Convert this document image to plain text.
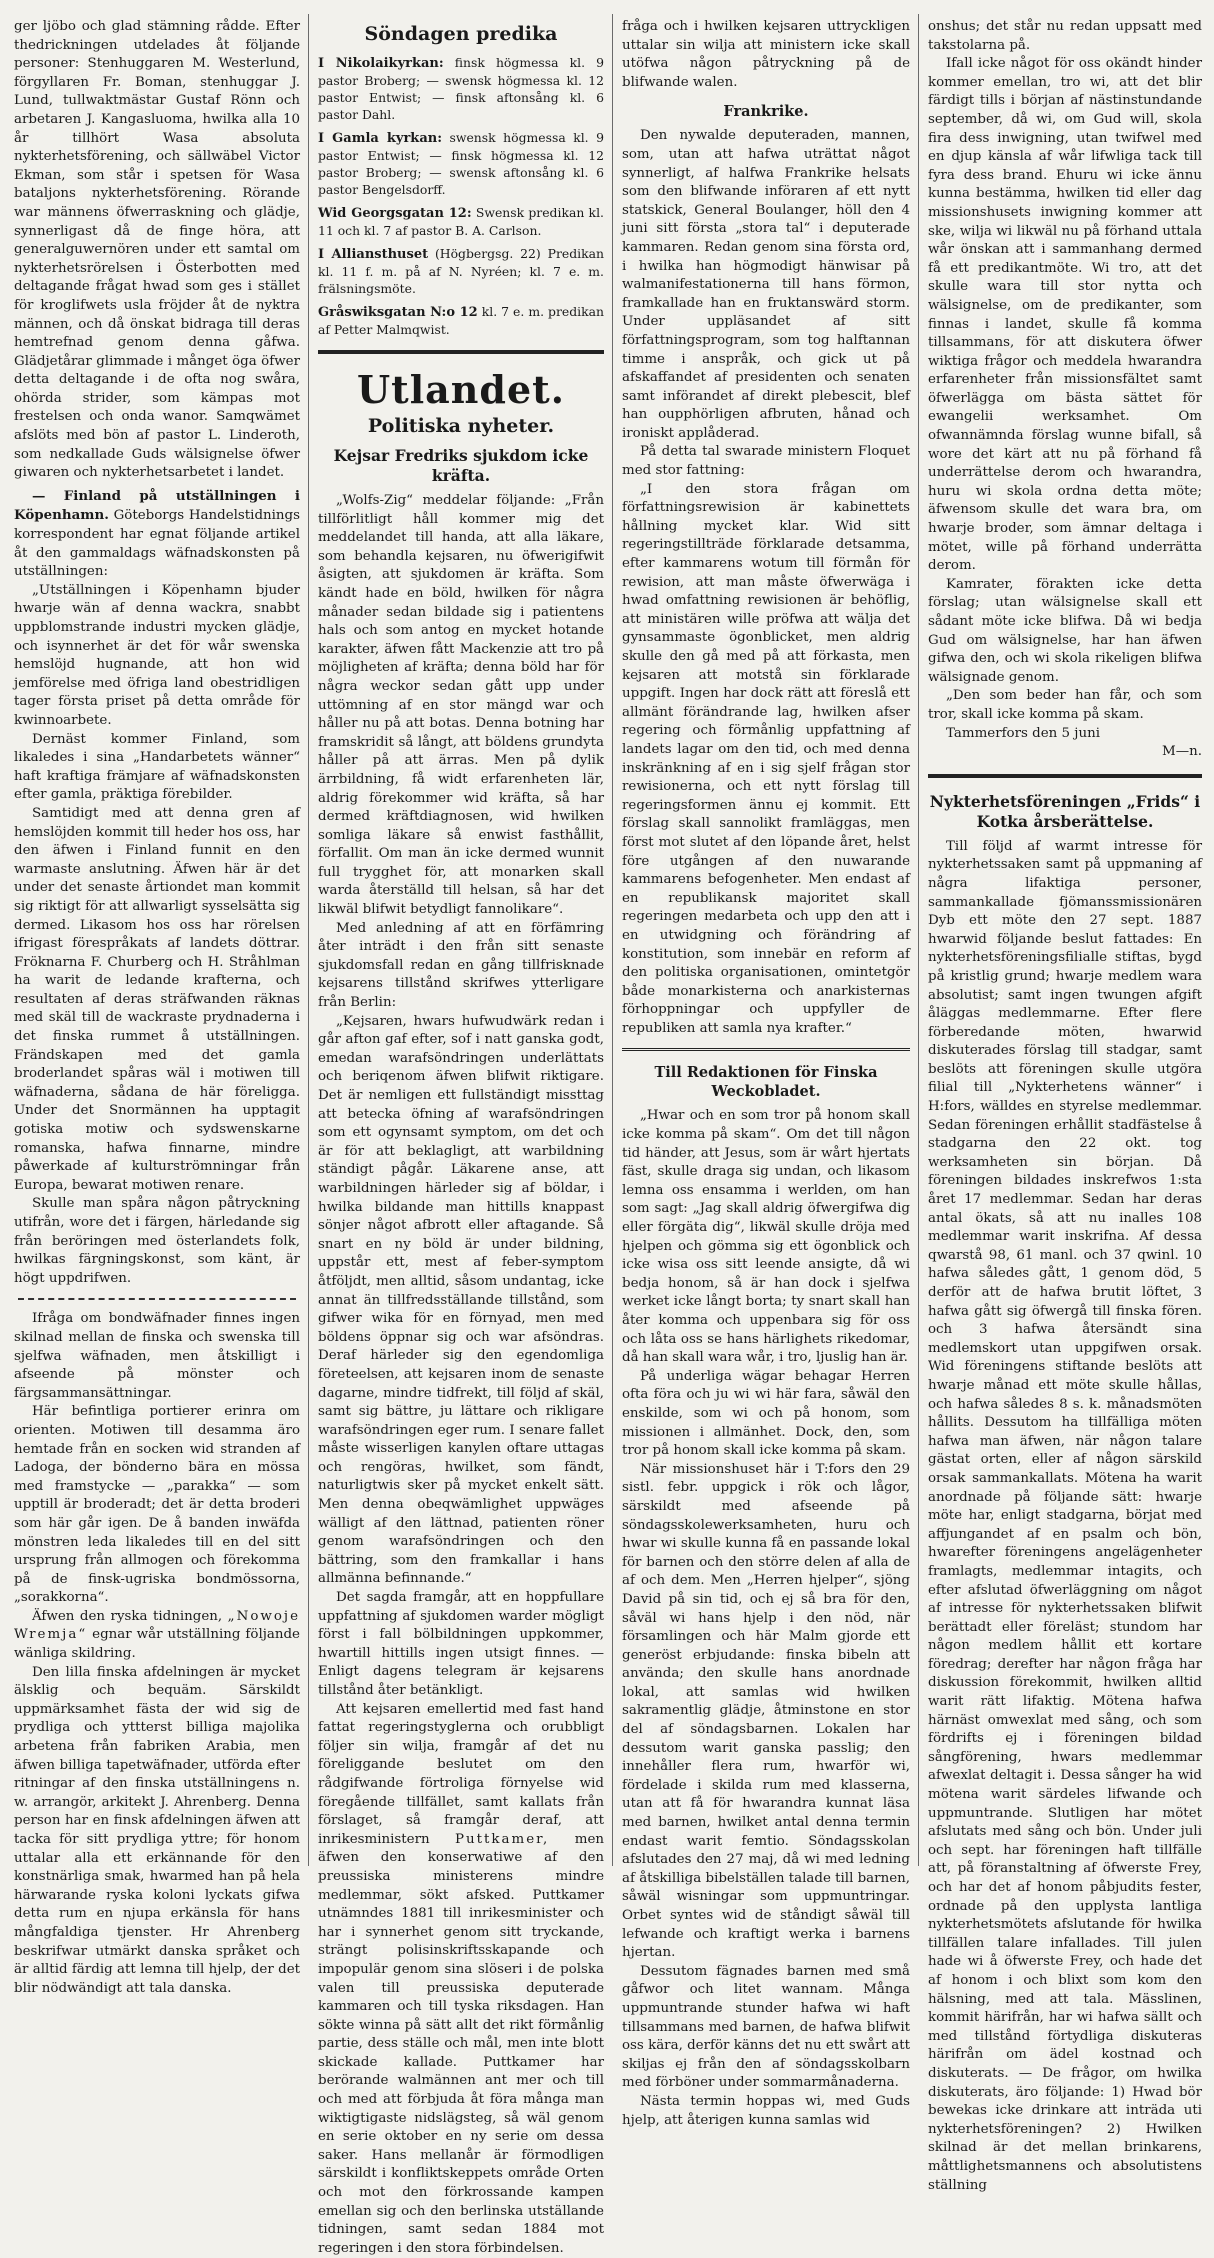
ger ljöbo och glad stämning rådde. Efter thedrickningen utdelades åt följande personer: Stenhuggaren M. Westerlund, förgyllaren Fr. Boman, stenhuggar J. Lund, tullwaktmästar Gustaf Rönn och arbetaren J. Kangasluoma, hwilka alla 10 år tillhört Wasa absoluta nykterhetsförening, och sällwäbel Victor Ekman, som står i spetsen för Wasa bataljons nykterhetsförening. Rörande war männens öfwerraskning och glädje, synnerligast då de finge höra, att generalguwernören under ett samtal om nykterhetsrörelsen i Österbotten med deltagande frågat hwad som ges i stället för kroglifwets usla fröjder åt de nyktra männen, och då önskat bidraga till deras hemtrefnad genom denna gåfwa. Glädjetårar glimmade i månget öga öfwer detta deltagande i de ofta nog swåra, ohörda strider, som kämpas mot frestelsen och onda wanor. Samqwämet afslöts med bön af pastor L. Linderoth, som nedkallade Guds wälsignelse öfwer giwaren och nykterhetsarbetet i landet.

— Finland på utställningen i Köpenhamn. Göteborgs Handelstidnings korrespondent har egnat följande artikel åt den gammaldags wäfnadskonsten på utställningen:

„Utställningen i Köpenhamn bjuder hwarje wän af denna wackra, snabbt uppblomstrande industri mycken glädje, och isynnerhet är det för wår swenska hemslöjd hugnande, att hon wid jemförelse med öfriga land obestridligen tager första priset på detta område för kwinnoarbete.

Dernäst kommer Finland, som likaledes i sina „Handarbetets wänner“ haft kraftiga främjare af wäfnadskonsten efter gamla, präktiga förebilder.

Samtidigt med att denna gren af hemslöjden kommit till heder hos oss, har den äfwen i Finland funnit en den warmaste anslutning. Äfwen här är det under det senaste årtiondet man kommit sig riktigt för att allwarligt sysselsätta sig dermed. Likasom hos oss har rörelsen ifrigast förespråkats af landets döttrar. Fröknarna F. Churberg och H. Stråhlman ha warit de ledande krafterna, och resultaten af deras sträfwanden räknas med skäl till de wackraste prydnaderna i det finska rummet å utställningen. Frändskapen med det gamla broderlandet spåras wäl i motiwen till wäfnaderna, sådana de här föreligga. Under det Snormännen ha upptagit gotiska motiw och sydswenskarne romanska, hafwa finnarne, mindre påwerkade af kulturströmningar från Europa, bewarat motiwen renare.

Skulle man spåra någon påtryckning utifrån, wore det i färgen, härledande sig från beröringen med österlandets folk, hwilkas färgningskonst, som känt, är högt uppdrifwen.

Ifråga om bondwäfnader finnes ingen skilnad mellan de finska och swenska till sjelfwa wäfnaden, men åtskilligt i afseende på mönster och färgsammansättningar.

Här befintliga portierer erinra om orienten. Motiwen till desamma äro hemtade från en socken wid stranden af Ladoga, der bönderno bära en mössa med framstycke — „parakka“ — som upptill är broderadt; det är detta broderi som här går igen. De å banden inwäfda mönstren leda likaledes till en del sitt ursprung från allmogen och förekomma på de finsk-ugriska bondmössorna, „sorakkorna“.

Äfwen den ryska tidningen, „Nowoje Wremja“ egnar wår utställning följande wänliga skildring.

Den lilla finska afdelningen är mycket älsklig och bequäm. Särskildt uppmärksamhet fästa der wid sig de prydliga och yttterst billiga majolika arbetena från fabriken Arabia, men äfwen billiga tapetwäfnader, utförda efter ritningar af den finska utställningens n. w. arrangör, arkitekt J. Ahrenberg. Denna person har en finsk afdelningen äfwen att tacka för sitt prydliga yttre; för honom uttalar alla ett erkännande för den konstnärliga smak, hwarmed han på hela härwarande ryska koloni lyckats gifwa detta rum en njupa erkänsla för hans mångfaldiga tjenster. Hr Ahrenberg beskrifwar utmärkt danska språket och är alltid färdig att lemna till hjelp, der det blir nödwändigt att tala danska.

Söndagen predika

I Nikolaikyrkan: finsk högmessa kl. 9 pastor Broberg; — swensk högmessa kl. 12 pastor Entwist; — finsk aftonsång kl. 6 pastor Dahl.

I Gamla kyrkan: swensk högmessa kl. 9 pastor Entwist; — finsk högmessa kl. 12 pastor Broberg; — swensk aftonsång kl. 6 pastor Bengelsdorff.

Wid Georgsgatan 12: Swensk predikan kl. 11 och kl. 7 af pastor B. A. Carlson.

I Alliansthuset (Högbergsg. 22) Predikan kl. 11 f. m. på af N. Nyréen; kl. 7 e. m. frälsningsmöte.

Gråswiksgatan N:o 12 kl. 7 e. m. predikan af Petter Malmqwist.

Utlandet.
Politiska nyheter.
Kejsar Fredriks sjukdom icke kräfta.

„Wolfs-Zig“ meddelar följande: „Från tillförlitligt håll kommer mig det meddelandet till handa, att alla läkare, som behandla kejsaren, nu öfwerigifwit åsigten, att sjukdomen är kräfta. Som kändt hade en böld, hwilken för några månader sedan bildade sig i patientens hals och som antog en mycket hotande karakter, äfwen fått Mackenzie att tro på möjligheten af kräfta; denna böld har för några weckor sedan gått upp under uttömning af en stor mängd war och håller nu på att botas. Denna botning har framskridit så långt, att böldens grundyta håller på att ärras. Men på dylik ärrbildning, få widt erfarenheten lär, aldrig förekommer wid kräfta, så har dermed kräftdiagnosen, wid hwilken somliga läkare så enwist fasthållit, förfallit. Om man än icke dermed wunnit full trygghet för, att monarken skall warda återställd till helsan, så har det likwäl blifwit betydligt fannolikare“.

Med anledning af att en förfämring åter inträdt i den från sitt senaste sjukdomsfall redan en gång tillfrisknade kejsarens tillstånd skrifwes ytterligare från Berlin:

„Kejsaren, hwars hufwudwärk redan i går afton gaf efter, sof i natt ganska godt, emedan warafsöndringen underlättats och beriqenom äfwen blifwit riktigare. Det är nemligen ett fullständigt missttag att betecka öfning af warafsöndringen som ett ogynsamt symptom, om det och är för att beklagligt, att warbildning ständigt pågår. Läkarene anse, att warbildningen härleder sig af böldar, i hwilka bildande man hittills knappast sönjer något afbrott eller aftagande. Så snart en ny böld är under bildning, uppstår ett, mest af feber-symptom åtföljdt, men alltid, såsom undantag, icke annat än tillfredsställande tillstånd, som gifwer wika för en förnyad, men med böldens öppnar sig och war afsöndras. Deraf härleder sig den egendomliga företeelsen, att kejsaren inom de senaste dagarne, mindre tidfrekt, till följd af skäl, samt sig bättre, ju lättare och rikligare warafsöndringen eger rum. I senare fallet måste wisserligen kanylen oftare uttagas och rengöras, hwilket, som fändt, naturligtwis sker på mycket enkelt sätt. Men denna obeqwämlighet uppwäges wälligt af den lättnad, patienten röner genom warafsöndringen och den bättring, som den framkallar i hans allmänna befinnande.“

Det sagda framgår, att en hoppfullare uppfattning af sjukdomen warder mögligt först i fall bölbildningen uppkommer, hwartill hittills ingen utsigt finnes. — Enligt dagens telegram är kejsarens tillstånd åter betänkligt.

Att kejsaren emellertid med fast hand fattat regeringstyglerna och orubbligt följer sin wilja, framgår af det nu föreliggande beslutet om den rådgifwande förtroliga förnyelse wid föregående tillfället, samt kallats från förslaget, så framgår deraf, att inrikesministern Puttkamer, men äfwen den konserwatiwe af den preussiska ministerens mindre medlemmar, sökt afsked. Puttkamer utnämndes 1881 till inrikesminister och har i synnerhet genom sitt tryckande, strängt polisinskriftsskapande och impopulär genom sina slöseri i de polska valen till preussiska deputerade kammaren och till tyska riksdagen. Han sökte winna på sätt allt det rikt förmånlig partie, dess ställe och mål, men inte blott skickade kallade. Puttkamer har berörande walmännen ant mer och till och med att förbjuda åt föra många man wiktigtigaste nidslägsteg, så wäl genom en serie oktober en ny serie om dessa saker. Hans mellanår är förmodligen särskildt i konfliktskeppets område Orten och mot den förkrossande kampen emellan sig och den berlinska utställande tidningen, samt sedan 1884 mot regeringen i den stora förbindelsen.

fråga och i hwilken kejsaren uttryckligen uttalar sin wilja att ministern icke skall utöfwa någon påtryckning på de blifwande walen.

Frankrike.

Den nywalde deputeraden, mannen, som, utan att hafwa uträttat något synnerligt, af halfwa Frankrike helsats som den blifwande införaren af ett nytt statskick, General Boulanger, höll den 4 juni sitt första „stora tal“ i deputerade kammaren. Redan genom sina första ord, i hwilka han högmodigt hänwisar på walmanifestationerna till hans förmon, framkallade han en fruktanswärd storm. Under uppläsandet af sitt författningsprogram, som tog halftannan timme i anspråk, och gick ut på afskaffandet af presidenten och senaten samt införandet af direkt plebescit, blef han oupphörligen afbruten, hånad och ironiskt applåderad.

På detta tal swarade ministern Floquet med stor fattning:

„I den stora frågan om författningsrewision är kabinettets hållning mycket klar. Wid sitt regeringstillträde förklarade detsamma, efter kammarens wotum till förmån för rewision, att man måste öfwerwäga i hwad omfattning rewisionen är behöflig, att ministären wille pröfwa att wälja det gynsammaste ögonblicket, men aldrig skulle den gå med på att förkasta, men kejsaren att motstå sin förklarade uppgift. Ingen har dock rätt att föreslå ett allmänt förändrande lag, hwilken afser regering och förmånlig uppfattning af landets lagar om den tid, och med denna inskränkning af en i sig sjelf frågan stor rewisionerna, och ett nytt förslag till regeringsformen ännu ej kommit. Ett förslag skall sannolikt framläggas, men först mot slutet af den löpande året, helst före utgången af den nuwarande kammarens befogenheter. Men endast af en republikansk majoritet skall regeringen medarbeta och upp den att i en utwidgning och förändring af konstitution, som innebär en reform af den politiska organisationen, omintetgör både monarkisterna och anarkisternas förhoppningar och uppfyller de republiken att samla nya krafter.“

Till Redaktionen för Finska Weckobladet.

„Hwar och en som tror på honom skall icke komma på skam“. Om det till någon tid händer, att Jesus, som är wårt hjertats fäst, skulle draga sig undan, och likasom lemna oss ensamma i werlden, om han som sagt: „Jag skall aldrig öfwergifwa dig eller förgäta dig“, likwäl skulle dröja med hjelpen och gömma sig ett ögonblick och icke wisa oss sitt leende ansigte, då wi bedja honom, så är han dock i sjelfwa werket icke långt borta; ty snart skall han åter komma och uppenbara sig för oss och låta oss se hans härlighets rikedomar, då han skall wara wår, i tro, ljuslig han är.

På underliga wägar behagar Herren ofta föra och ju wi wi här fara, såwäl den enskilde, som wi och på honom, som missionen i allmänhet. Dock, den, som tror på honom skall icke komma på skam.

När missionshuset här i T:fors den 29 sistl. febr. uppgick i rök och lågor, särskildt med afseende på söndagsskolewerksamheten, huru och hwar wi skulle kunna få en passande lokal för barnen och den större delen af alla de af och dem. Men „Herren hjelper“, sjöng David på sin tid, och ej så bra för den, såväl wi hans hjelp i den nöd, när församlingen och här Malm gjorde ett generöst erbjudande: finska bibeln att använda; den skulle hans anordnade lokal, att samlas wid hwilken sakramentlig glädje, åtminstone en stor del af söndagsbarnen. Lokalen har dessutom warit ganska passlig; den innehåller flera rum, hwarför wi, fördelade i skilda rum med klasserna, utan att få för hwarandra kunnat läsa med barnen, hwilket antal denna termin endast warit femtio. Söndagsskolan afslutades den 27 maj, då wi med ledning af åtskilliga bibelställen talade till barnen, såwäl wisningar som uppmuntringar. Orbet syntes wid de ståndigt såwäl till lefwande och kraftigt werka i barnens hjertan.

Dessutom fägnades barnen med små gåfwor och litet wannam. Många uppmuntrande stunder hafwa wi haft tillsammans med barnen, de hafwa blifwit oss kära, derför känns det nu ett swårt att skiljas ej från den af söndagsskolbarn med förböner under sommarmånaderna.

Nästa termin hoppas wi, med Guds hjelp, att återigen kunna samlas wid

onshus; det står nu redan uppsatt med takstolarna på.

Ifall icke något för oss okändt hinder kommer emellan, tro wi, att det blir färdigt tills i början af nästinstundande september, då wi, om Gud will, skola fira dess inwigning, utan twifwel med en djup känsla af wår lifwliga tack till fyra dess brand. Ehuru wi icke ännu kunna bestämma, hwilken tid eller dag missionshusets inwigning kommer att ske, wilja wi likwäl nu på förhand uttala wår önskan att i sammanhang dermed få ett predikantmöte. Wi tro, att det skulle wara till stor nytta och wälsignelse, om de predikanter, som finnas i landet, skulle få komma tillsammans, för att diskutera öfwer wiktiga frågor och meddela hwarandra erfarenheter från missionsfältet samt öfwerlägga om bästa sättet för ewangelii werksamhet. Om ofwannämnda förslag wunne bifall, så wore det kärt att nu på förhand få underrättelse derom och hwarandra, huru wi skola ordna detta möte; äfwensom skulle det wara bra, om hwarje broder, som ämnar deltaga i mötet, wille på förhand underrätta derom.

Kamrater, förakten icke detta förslag; utan wälsignelse skall ett sådant möte icke blifwa. Då wi bedja Gud om wälsignelse, har han äfwen gifwa den, och wi skola rikeligen blifwa wälsignade genom.

„Den som beder han får, och som tror, skall icke komma på skam.

Tammerfors den 5 juni

M—n.

Nykterhetsföreningen „Frids“ i Kotka årsberättelse.

Till följd af warmt intresse för nykterhetssaken samt på uppmaning af några lifaktiga personer, sammankallade fjömanssmissionären Dyb ett möte den 27 sept. 1887 hwarwid följande beslut fattades: En nykterhetsföreningsfilialle stiftas, bygd på kristlig grund; hwarje medlem wara absolutist; samt ingen twungen afgift åläggas medlemmarne. Efter flere förberedande möten, hwarwid diskuterades förslag till stadgar, samt beslöts att föreningen skulle utgöra filial till „Nykterhetens wänner“ i H:fors, wälldes en styrelse medlemmar. Sedan föreningen erhållit stadfästelse å stadgarna den 22 okt. tog werksamheten sin början. Då föreningen bildades inskrefwos 1:sta året 17 medlemmar. Sedan har deras antal ökats, så att nu inalles 108 medlemmar warit inskrifna. Af dessa qwarstå 98, 61 manl. och 37 qwinl. 10 hafwa således gått, 1 genom död, 5 derför att de hafwa brutit löftet, 3 hafwa gått sig öfwergå till finska fören. och 3 hafwa återsändt sina medlemskort utan uppgifwen orsak. Wid föreningens stiftande beslöts att hwarje månad ett möte skulle hållas, och hafwa således 8 s. k. månadsmöten hållits. Dessutom ha tillfälliga möten hafwa man äfwen, när någon talare gästat orten, eller af någon särskild orsak sammankallats. Mötena ha warit anordnade på följande sätt: hwarje möte har, enligt stadgarna, börjat med affjungandet af en psalm och bön, hwarefter föreningens angelägenheter framlagts, medlemmar intagits, och efter afslutad öfwerläggning om något af intresse för nykterhetssaken blifwit berättadt eller föreläst; stundom har någon medlem hållit ett kortare föredrag; derefter har någon fråga har diskussion förekommit, hwilken alltid warit rätt lifaktig. Mötena hafwa härnäst omwexlat med sång, och som fördrifts ej i föreningen bildad sångförening, hwars medlemmar afwexlat deltagit i. Dessa sånger ha wid mötena warit särdeles lifwande och uppmuntrande. Slutligen har mötet afslutats med sång och bön. Under juli och sept. har föreningen haft tillfälle att, på föranstaltning af öfwerste Frey, och har det af honom påbjudits fester, ordnade på den upplysta lantliga nykterhetsmötets afslutande för hwilka tillfällen talare infallades. Till julen hade wi å öfwerste Frey, och hade det af honom i och blixt som kom den hälsning, med att tala. Mässlinen, kommit härifrån, har wi hafwa sällt och med tillstånd förtydliga diskuteras härifrån om ädel kostnad och diskuterats. — De frågor, om hwilka diskuterats, äro följande: 1) Hwad bör bewekas icke drinkare att inträda uti nykterhetsföreningen? 2) Hwilken skilnad är det mellan brinkarens, måttlighetsmannens och absolutistens ställning
